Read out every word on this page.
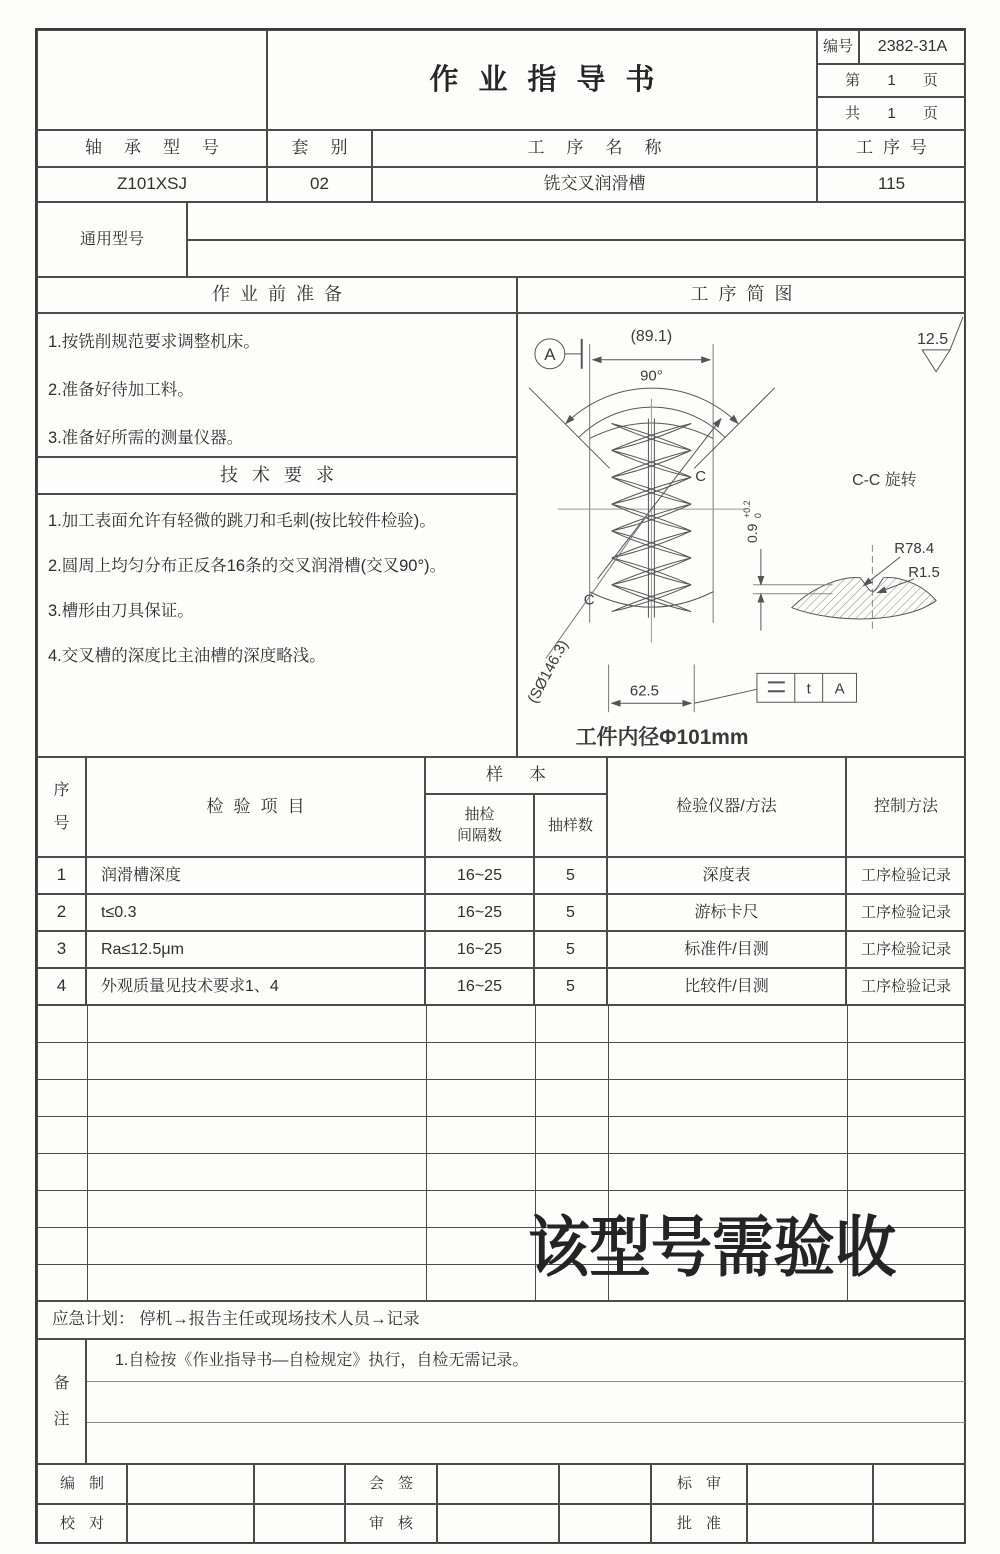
作业指导书
编号	2382-31A
第 1 页
共 1 页
轴承型号	套别	工序名称	工序号
Z101XSJ	02	铣交叉润滑槽	115
通用型号
作业前准备	工序简图

1.按铣削规范要求调整机床。

2.准备好待加工料。

3.准备好所需的测量仪器。

技术要求

1.加工表面允许有轻微的跳刀和毛刺(按比较件检验)。

2.圆周上均匀分布正反各16条的交叉润滑槽(交叉90°)。

3.槽形由刀具保证。

4.交叉槽的深度比主油槽的深度略浅。

A
(89.1)
90°
C
C
(SØ146.3)	62.5	t A
工件内径Φ101mm
12.5
C-C 旋转
R78.4
R1.5
0.9
+0.2 0
序
号
检验项目
样 本
抽检
间隔数
抽样数
检验仪器/方法	控制方法
1	润滑槽深度	16~25	5	深度表	工序检验记录
2	t≤0.3	16~25	5	游标卡尺	工序检验记录
3	Ra≤12.5μm	16~25	5	标准件/目测	工序检验记录
4	外观质量见技术要求1、4	16~25	5	比较件/目测	工序检验记录
应急计划： 停机→报告主任或现场技术人员→记录
备
注
1.自检按《作业指导书—自检规定》执行，自检无需记录。
编制	会签	标审
校对	审核	批准
该型号需验收
